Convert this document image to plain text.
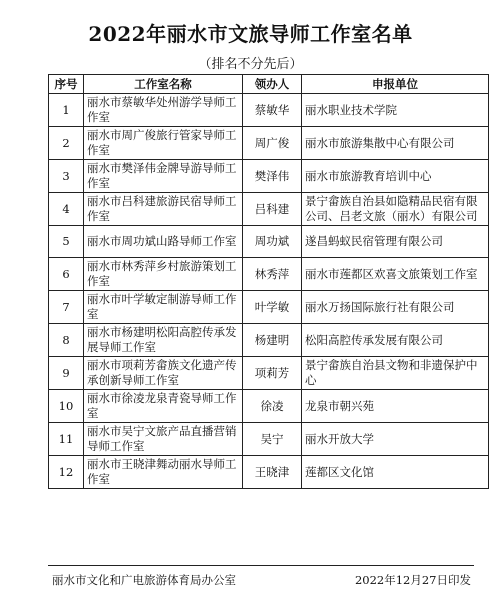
2022年丽水市文旅导师工作室名单
（排名不分先后）
序号	工作室名称	领办人	申报单位
1	丽水市蔡敏华处州游学导师工作室	蔡敏华	丽水职业技术学院
2	丽水市周广俊旅行管家导师工作室	周广俊	丽水市旅游集散中心有限公司
3	丽水市樊泽伟金牌导游导师工作室	樊泽伟	丽水市旅游教育培训中心
4	丽水市吕科建旅游民宿导师工作室	吕科建	景宁畲族自治县如隐精品民宿有限公司、吕老文旅（丽水）有限公司
5	丽水市周功斌山路导师工作室	周功斌	遂昌蚂蚁民宿管理有限公司
6	丽水市林秀萍乡村旅游策划工作室	林秀萍	丽水市莲都区欢喜文旅策划工作室
7	丽水市叶学敏定制游导师工作室	叶学敏	丽水万扬国际旅行社有限公司
8	丽水市杨建明松阳高腔传承发展导师工作室	杨建明	松阳高腔传承发展有限公司
9	丽水市项莉芳畲族文化遗产传承创新导师工作室	项莉芳	景宁畲族自治县文物和非遗保护中心
10	丽水市徐凌龙泉青瓷导师工作室	徐凌	龙泉市朝兴苑
11	丽水市吴宁文旅产品直播营销导师工作室	吴宁	丽水开放大学
12	丽水市王晓津舞动丽水导师工作室	王晓津	莲都区文化馆
丽水市文化和广电旅游体育局办公室	2022年12月27日印发
